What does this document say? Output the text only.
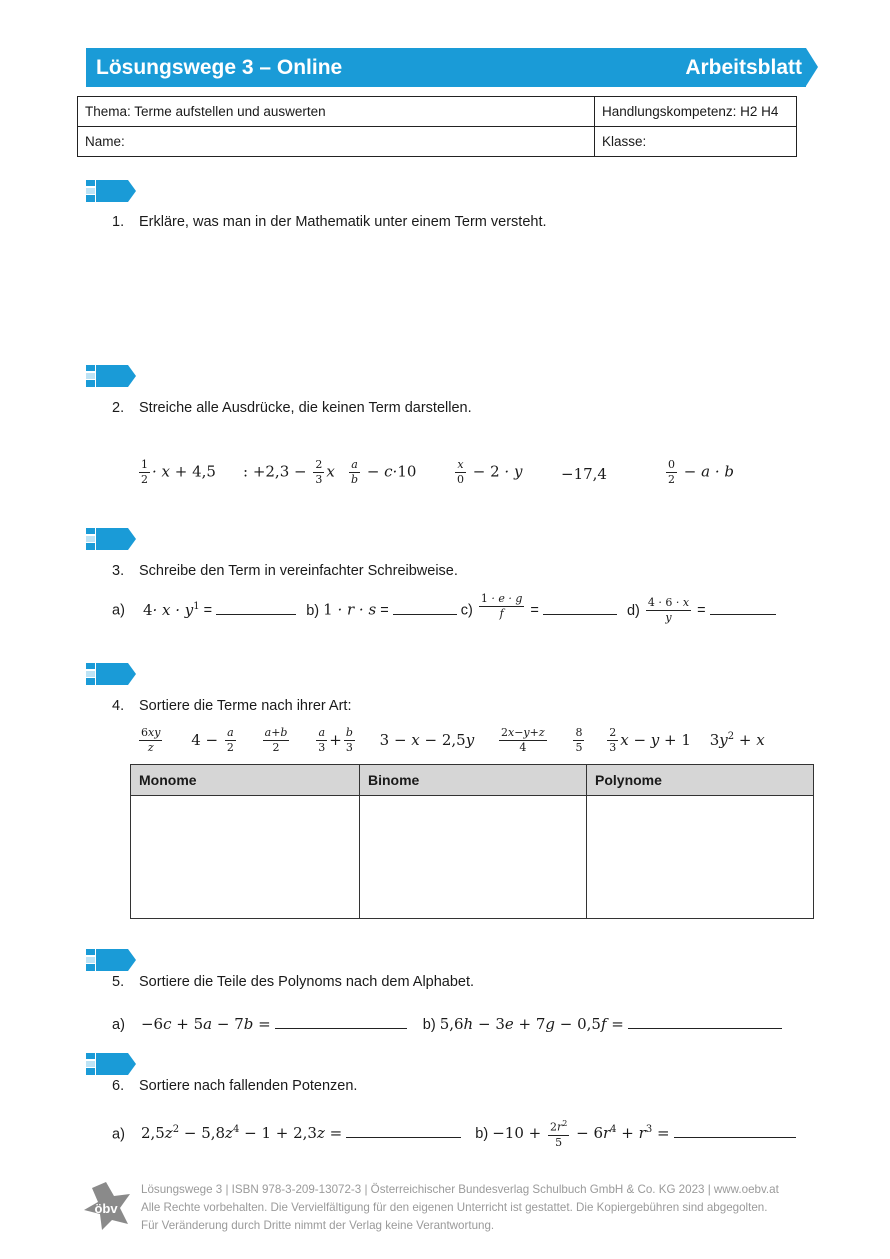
Lösungswege 3 – Online	Arbeitsblatt
Thema: Terme aufstellen und auswerten	Handlungskompetenz: H2 H4
Name:	Klasse:
1. Erkläre, was man in der Mathematik unter einem Term versteht.
2. Streiche alle Ausdrücke, die keinen Term darstellen.
$\frac{1}{2} \cdot x + 4,5$ : $+2,3 - \frac{2}{3}$ x $\frac{a}{b} - c\cdot 10$	$\frac{x}{0} - 2 \cdot y$	−17,4	$\frac{0}{2} - a \cdot b$
3. Schreibe den Term in vereinfachter Schreibweise.
a) $4\cdot x \cdot y^1$ =	b) 1 · r · s =	$c) \frac{1 \cdot e \cdot g}{f}$ =	$d) \frac{4 \cdot 6 \cdot x}{y}$ =
4. Sortiere die Terme nach ihrer Art:
$\frac{6xy}{z} 4 - \frac{a}{2}$
$\frac{a+b}{2}$
$\frac{a}{3} + \frac{b}{3} 3 - x - 2,5y \frac{2x-y+z}{4}$
$\frac{8}{5}$
$\frac{2}{3}$ x − y + 1 $3y^2 + x$
Monome	Binome	Polynome

5. Sortiere die Teile des Polynoms nach dem Alphabet.
a) −6c + 5a − 7b =	b) 5,6h − 3e + 7g − 0,5f =
6. Sortiere nach fallenden Potenzen.
a) $2,5z^2 - 5,8z^4 - 1 + 2,3z$ =	$b) -10 + \frac{2r^2}{5} - 6r^4 + r^3$ =
öbv
Lösungswege 3 | ISBN 978-3-209-13072-3 | Österreichischer Bundesverlag Schulbuch GmbH & Co. KG 2023 | www.oebv.at
Alle Rechte vorbehalten. Die Vervielfältigung für den eigenen Unterricht ist gestattet. Die Kopiergebühren sind abgegolten.
Für Veränderung durch Dritte nimmt der Verlag keine Verantwortung.
